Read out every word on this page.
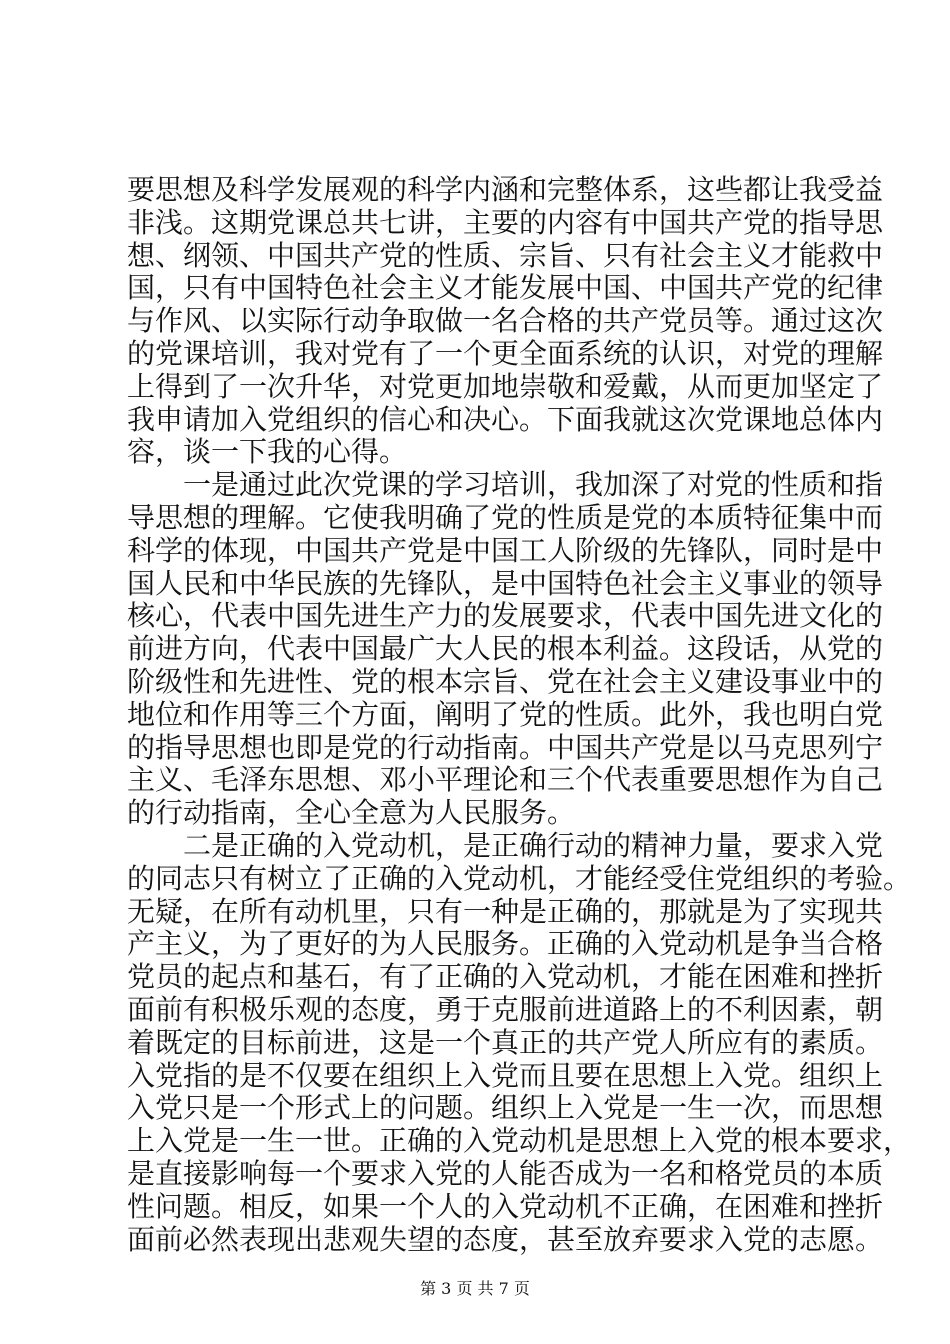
要思想及科学发展观的科学内涵和完整体系，这些都让我受益
非浅。这期党课总共七讲，主要的内容有中国共产党的指导思
想、纲领、中国共产党的性质、宗旨、只有社会主义才能救中
国，只有中国特色社会主义才能发展中国、中国共产党的纪律
与作风、以实际行动争取做一名合格的共产党员等。通过这次
的党课培训，我对党有了一个更全面系统的认识，对党的理解
上得到了一次升华，对党更加地崇敬和爱戴，从而更加坚定了
我申请加入党组织的信心和决心。下面我就这次党课地总体内
容，谈一下我的心得。
一是通过此次党课的学习培训，我加深了对党的性质和指
导思想的理解。它使我明确了党的性质是党的本质特征集中而
科学的体现，中国共产党是中国工人阶级的先锋队，同时是中
国人民和中华民族的先锋队，是中国特色社会主义事业的领导
核心，代表中国先进生产力的发展要求，代表中国先进文化的
前进方向，代表中国最广大人民的根本利益。这段话，从党的
阶级性和先进性、党的根本宗旨、党在社会主义建设事业中的
地位和作用等三个方面，阐明了党的性质。此外，我也明白党
的指导思想也即是党的行动指南。中国共产党是以马克思列宁
主义、毛泽东思想、邓小平理论和三个代表重要思想作为自己
的行动指南，全心全意为人民服务。
二是正确的入党动机，是正确行动的精神力量，要求入党
的同志只有树立了正确的入党动机，才能经受住党组织的考验。
无疑，在所有动机里，只有一种是正确的，那就是为了实现共
产主义，为了更好的为人民服务。正确的入党动机是争当合格
党员的起点和基石，有了正确的入党动机，才能在困难和挫折
面前有积极乐观的态度，勇于克服前进道路上的不利因素，朝
着既定的目标前进，这是一个真正的共产党人所应有的素质。
入党指的是不仅要在组织上入党而且要在思想上入党。组织上
入党只是一个形式上的问题。组织上入党是一生一次，而思想
上入党是一生一世。正确的入党动机是思想上入党的根本要求，
是直接影响每一个要求入党的人能否成为一名和格党员的本质
性问题。相反，如果一个人的入党动机不正确，在困难和挫折
面前必然表现出悲观失望的态度，甚至放弃要求入党的志愿。
第 3 页 共 7 页
